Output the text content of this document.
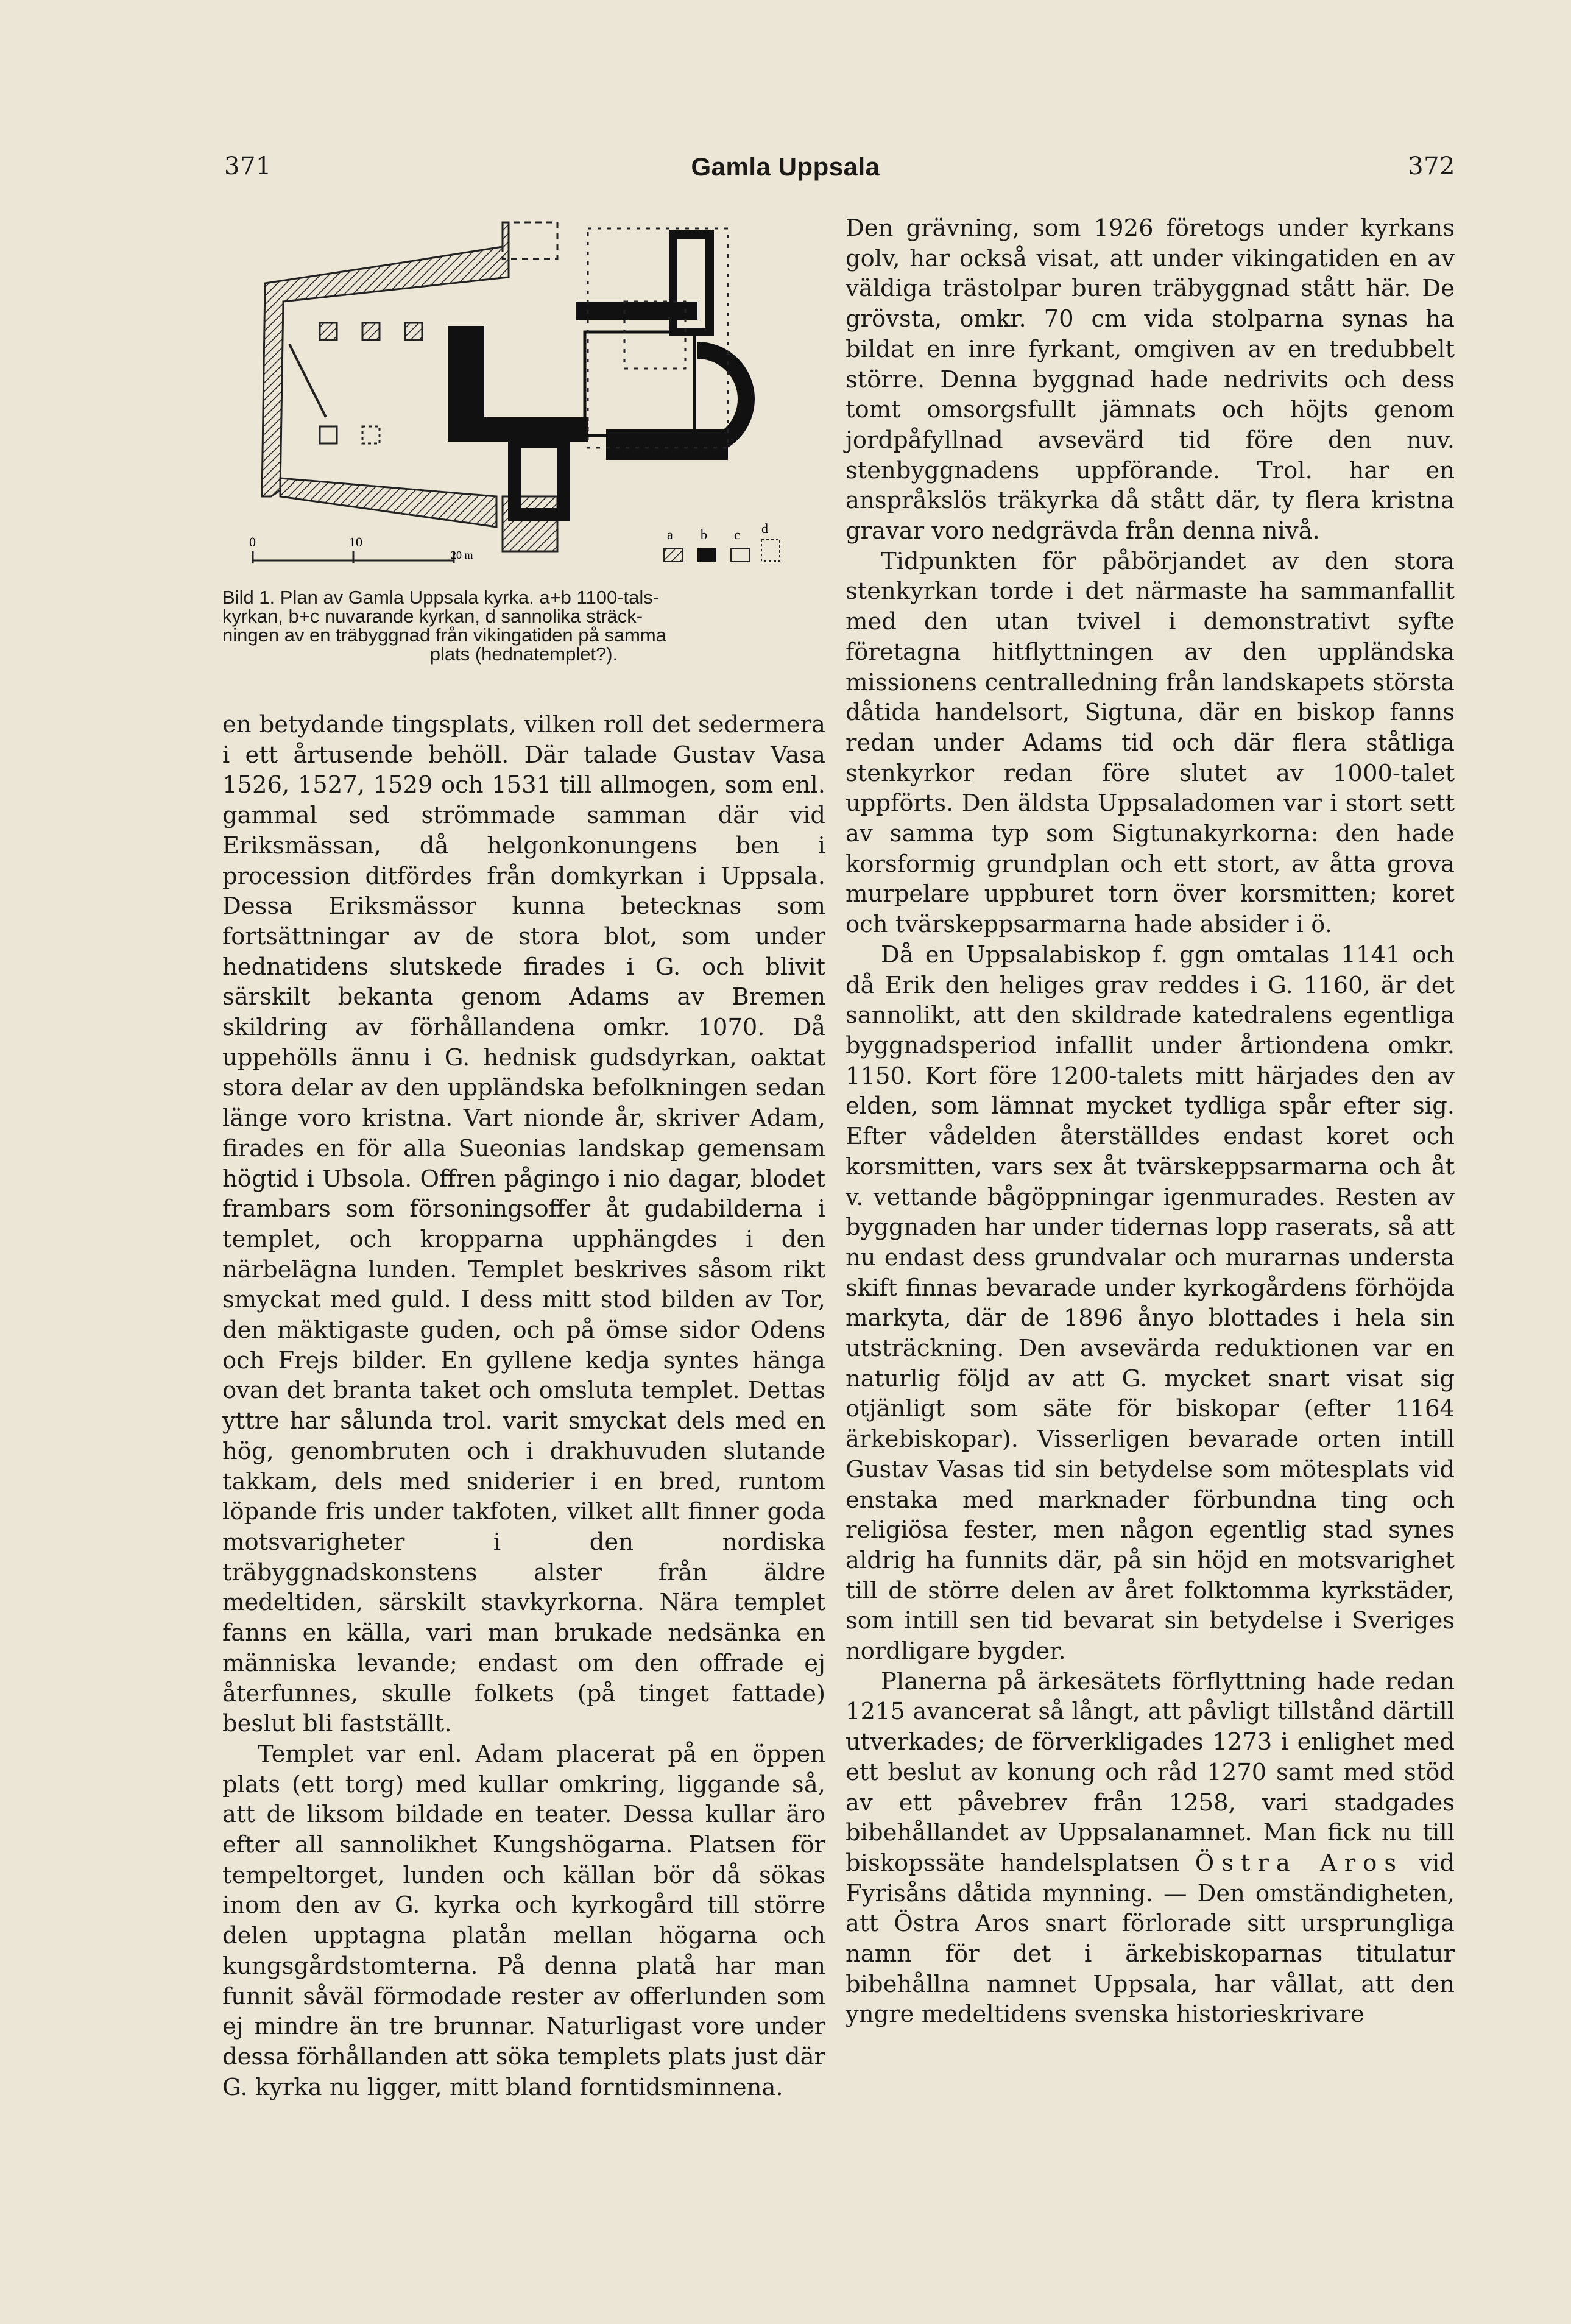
371	Gamla Uppsala	372
0	10
20 m
a b c d
Bild 1. Plan av Gamla Uppsala kyrka. a+b 1100-tals-
kyrkan, b+c nuvarande kyrkan, d sannolika sträck-
ningen av en träbyggnad från vikingatiden på samma

plats (hednatemplet?).

en betydande tingsplats, vilken roll det sedermera i ett årtusende behöll. Där talade Gustav Vasa 1526, 1527, 1529 och 1531 till allmogen, som enl. gammal sed strömmade samman där vid Eriksmässan, då helgonkonungens ben i procession ditfördes från domkyrkan i Uppsala. Dessa Eriksmässor kunna betecknas som fortsättningar av de stora blot, som under hednatidens slutskede firades i G. och blivit särskilt bekanta genom Adams av Bremen skildring av förhållandena omkr. 1070. Då uppehölls ännu i G. hednisk gudsdyrkan, oaktat stora delar av den uppländska befolkningen sedan länge voro kristna. Vart nionde år, skriver Adam, firades en för alla Sueonias landskap gemensam högtid i Ubsola. Offren pågingo i nio dagar, blodet frambars som försoningsoffer åt gudabilderna i templet, och kropparna upphängdes i den närbelägna lunden. Templet beskrives såsom rikt smyckat med guld. I dess mitt stod bilden av Tor, den mäktigaste guden, och på ömse sidor Odens och Frejs bilder. En gyllene kedja syntes hänga ovan det branta taket och omsluta templet. Dettas yttre har sålunda trol. varit smyckat dels med en hög, genombruten och i drakhuvuden slutande takkam, dels med sniderier i en bred, runtom löpande fris under takfoten, vilket allt finner goda motsvarigheter i den nordiska träbyggnadskonstens alster från äldre medeltiden, särskilt stavkyrkorna. Nära templet fanns en källa, vari man brukade nedsänka en människa levande; endast om den offrade ej återfunnes, skulle folkets (på tinget fattade) beslut bli fastställt.

Templet var enl. Adam placerat på en öppen plats (ett torg) med kullar omkring, liggande så, att de liksom bildade en teater. Dessa kullar äro efter all sannolikhet Kungshögarna. Platsen för tempeltorget, lunden och källan bör då sökas inom den av G. kyrka och kyrkogård till större delen upptagna platån mellan högarna och kungsgårdstomterna. På denna platå har man funnit såväl förmodade rester av offerlunden som ej mindre än tre brunnar. Naturligast vore under dessa förhållanden att söka templets plats just där G. kyrka nu ligger, mitt bland forntidsminnena.

Den grävning, som 1926 företogs under kyrkans golv, har också visat, att under vikingatiden en av väldiga trästolpar buren träbyggnad stått här. De grövsta, omkr. 70 cm vida stolparna synas ha bildat en inre fyrkant, omgiven av en tredubbelt större. Denna byggnad hade nedrivits och dess tomt omsorgsfullt jämnats och höjts genom jordpåfyllnad avsevärd tid före den nuv. stenbyggnadens uppförande. Trol. har en anspråkslös träkyrka då stått där, ty flera kristna gravar voro nedgrävda från denna nivå.

Tidpunkten för påbörjandet av den stora stenkyrkan torde i det närmaste ha sammanfallit med den utan tvivel i demonstrativt syfte företagna hitflyttningen av den uppländska missionens centralledning från landskapets största dåtida handelsort, Sigtuna, där en biskop fanns redan under Adams tid och där flera ståtliga stenkyrkor redan före slutet av 1000-talet uppförts. Den äldsta Uppsaladomen var i stort sett av samma typ som Sigtunakyrkorna: den hade korsformig grundplan och ett stort, av åtta grova murpelare uppburet torn över korsmitten; koret och tvärskeppsarmarna hade absider i ö.

Då en Uppsalabiskop f. ggn omtalas 1141 och då Erik den heliges grav reddes i G. 1160, är det sannolikt, att den skildrade katedralens egentliga byggnadsperiod infallit under årtiondena omkr. 1150. Kort före 1200-talets mitt härjades den av elden, som lämnat mycket tydliga spår efter sig. Efter vådelden återställdes endast koret och korsmitten, vars sex åt tvärskeppsarmarna och åt v. vettande bågöppningar igenmurades. Resten av byggnaden har under tidernas lopp raserats, så att nu endast dess grundvalar och murarnas understa skift finnas bevarade under kyrkogårdens förhöjda markyta, där de 1896 ånyo blottades i hela sin utsträckning. Den avsevärda reduktionen var en naturlig följd av att G. mycket snart visat sig otjänligt som säte för biskopar (efter 1164 ärkebiskopar). Visserligen bevarade orten intill Gustav Vasas tid sin betydelse som mötesplats vid enstaka med marknader förbundna ting och religiösa fester, men någon egentlig stad synes aldrig ha funnits där, på sin höjd en motsvarighet till de större delen av året folktomma kyrkstäder, som intill sen tid bevarat sin betydelse i Sveriges nordligare bygder.

Planerna på ärkesätets förflyttning hade redan 1215 avancerat så långt, att påvligt tillstånd därtill utverkades; de förverkligades 1273 i enlighet med ett beslut av konung och råd 1270 samt med stöd av ett påvebrev från 1258, vari stadgades bibehållandet av Uppsalanamnet. Man fick nu till biskopssäte handelsplatsen Östra Aros vid Fyrisåns dåtida mynning. — Den omständigheten, att Östra Aros snart förlorade sitt ursprungliga namn för det i ärkebiskoparnas titulatur bibehållna namnet Uppsala, har vållat, att den yngre medeltidens svenska historieskrivare
